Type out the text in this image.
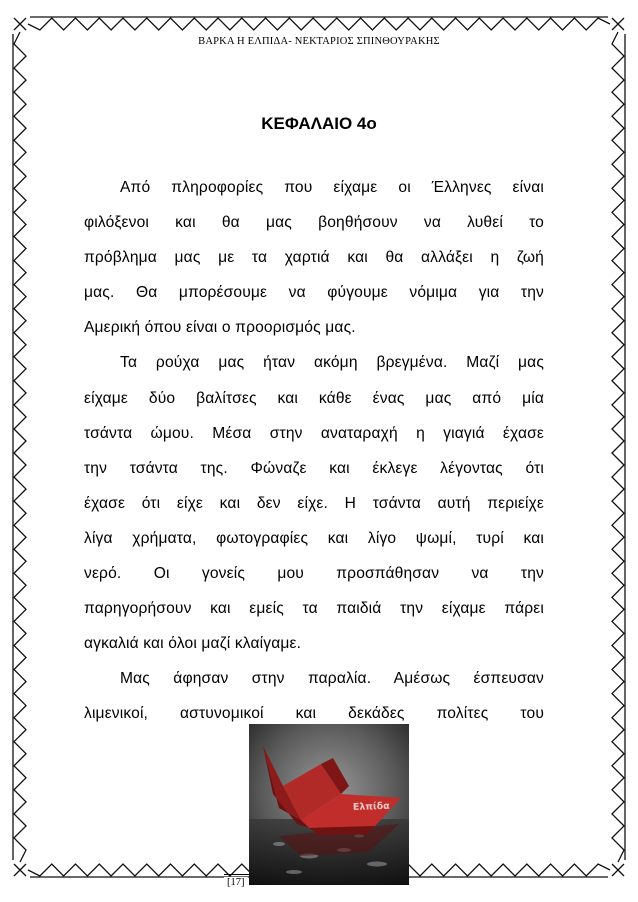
ΒΑΡΚΑ Η ΕΛΠΙΔΑ- ΝΕΚΤΑΡΙΟΣ ΣΠΙΝΘΟΥΡΑΚΗΣ
ΚΕΦΑΛΑΙΟ 4ο
Από πληροφορίες που είχαμε οι Έλληνες είναι
φιλόξενοι και θα μας βοηθήσουν να λυθεί το
πρόβλημα μας με τα χαρτιά και θα αλλάξει η ζωή
μας. Θα μπορέσουμε να φύγουμε νόμιμα για την
Αμερική όπου είναι ο προορισμός μας.
Τα ρούχα μας ήταν ακόμη βρεγμένα. Μαζί μας
είχαμε δύο βαλίτσες και κάθε ένας μας από μία
τσάντα ώμου. Μέσα στην αναταραχή η γιαγιά έχασε
την τσάντα της. Φώναζε και έκλεγε λέγοντας ότι
έχασε ότι είχε και δεν είχε. Η τσάντα αυτή περιείχε
λίγα χρήματα, φωτογραφίες και λίγο ψωμί, τυρί και
νερό. Οι γονείς μου προσπάθησαν να την
παρηγορήσουν και εμείς τα παιδιά την είχαμε πάρει
αγκαλιά και όλοι μαζί κλαίγαμε.
Μας άφησαν στην παραλία. Αμέσως έσπευσαν
λιμενικοί, αστυνομικοί και δεκάδες πολίτες του
Ελπίδα
[17]
